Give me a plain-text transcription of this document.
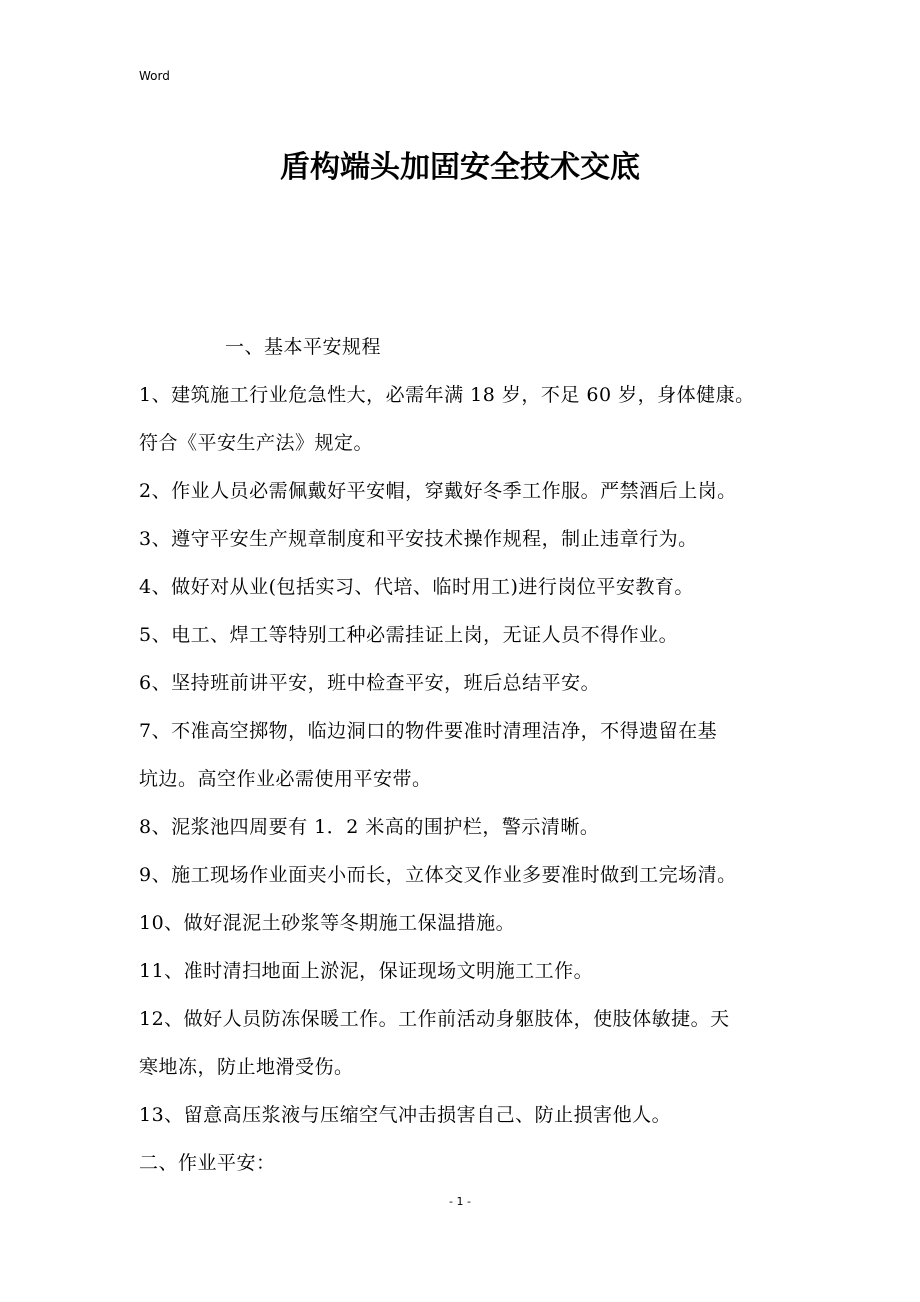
Word
盾构端头加固安全技术交底
一、基本平安规程
1、建筑施工行业危急性大，必需年满 18 岁，不足 60 岁，身体健康。
符合《平安生产法》规定。
2、作业人员必需佩戴好平安帽，穿戴好冬季工作服。严禁酒后上岗。
3、遵守平安生产规章制度和平安技术操作规程，制止违章行为。
4、做好对从业(包括实习、代培、临时用工)进行岗位平安教育。
5、电工、焊工等特别工种必需挂证上岗，无证人员不得作业。
6、坚持班前讲平安，班中检查平安，班后总结平安。
7、不准高空掷物，临边洞口的物件要准时清理洁净，不得遗留在基
坑边。高空作业必需使用平安带。
8、泥浆池四周要有 1．2 米高的围护栏，警示清晰。
9、施工现场作业面夹小而长，立体交叉作业多要准时做到工完场清。
10、做好混泥土砂浆等冬期施工保温措施。
11、准时清扫地面上淤泥，保证现场文明施工工作。
12、做好人员防冻保暖工作。工作前活动身躯肢体，使肢体敏捷。天
寒地冻，防止地滑受伤。
13、留意高压浆液与压缩空气冲击损害自己、防止损害他人。
二、作业平安：
- 1 -
